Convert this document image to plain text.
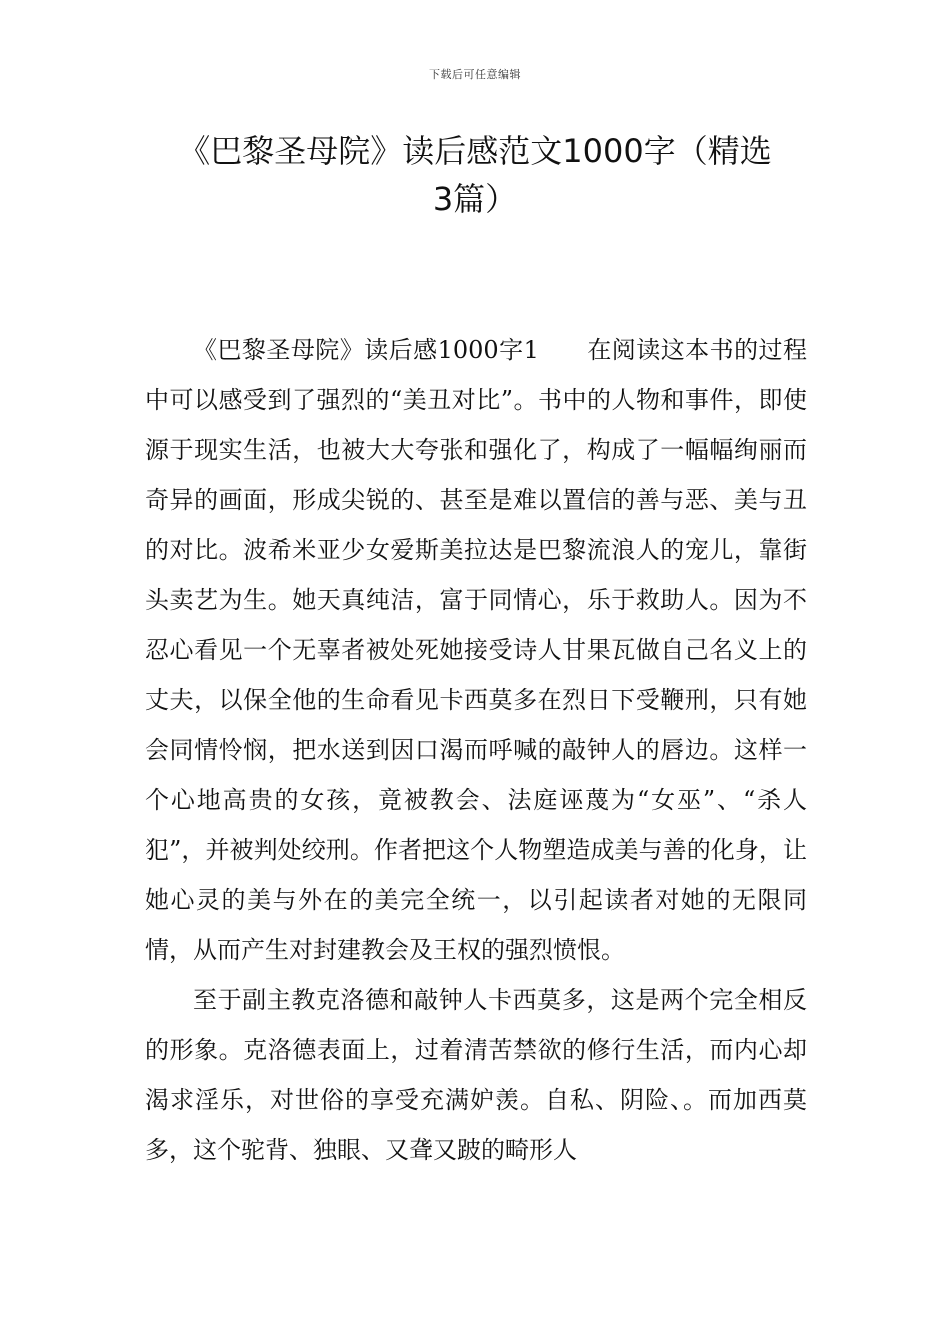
下载后可任意编辑
《巴黎圣母院》读后感范文1000字（精选
3篇）

《巴黎圣母院》读后感1000字1 在阅读这本书的过程中可以感受到了强烈的“美丑对比”。书中的人物和事件，即使源于现实生活，也被大大夸张和强化了，构成了一幅幅绚丽而奇异的画面，形成尖锐的、甚至是难以置信的善与恶、美与丑的对比。波希米亚少女爱斯美拉达是巴黎流浪人的宠儿，靠街头卖艺为生。她天真纯洁，富于同情心，乐于救助人。因为不忍心看见一个无辜者被处死她接受诗人甘果瓦做自己名义上的丈夫，以保全他的生命看见卡西莫多在烈日下受鞭刑，只有她会同情怜悯，把水送到因口渴而呼喊的敲钟人的唇边。这样一个心地高贵的女孩，竟被教会、法庭诬蔑为“女巫”、“杀人犯”，并被判处绞刑。作者把这个人物塑造成美与善的化身，让她心灵的美与外在的美完全统一，以引起读者对她的无限同情，从而产生对封建教会及王权的强烈愤恨。

至于副主教克洛德和敲钟人卡西莫多，这是两个完全相反的形象。克洛德表面上，过着清苦禁欲的修行生活，而内心却渴求淫乐，对世俗的享受充满妒羡。自私、阴险、。而加西莫多，这个驼背、独眼、又聋又跛的畸形人
